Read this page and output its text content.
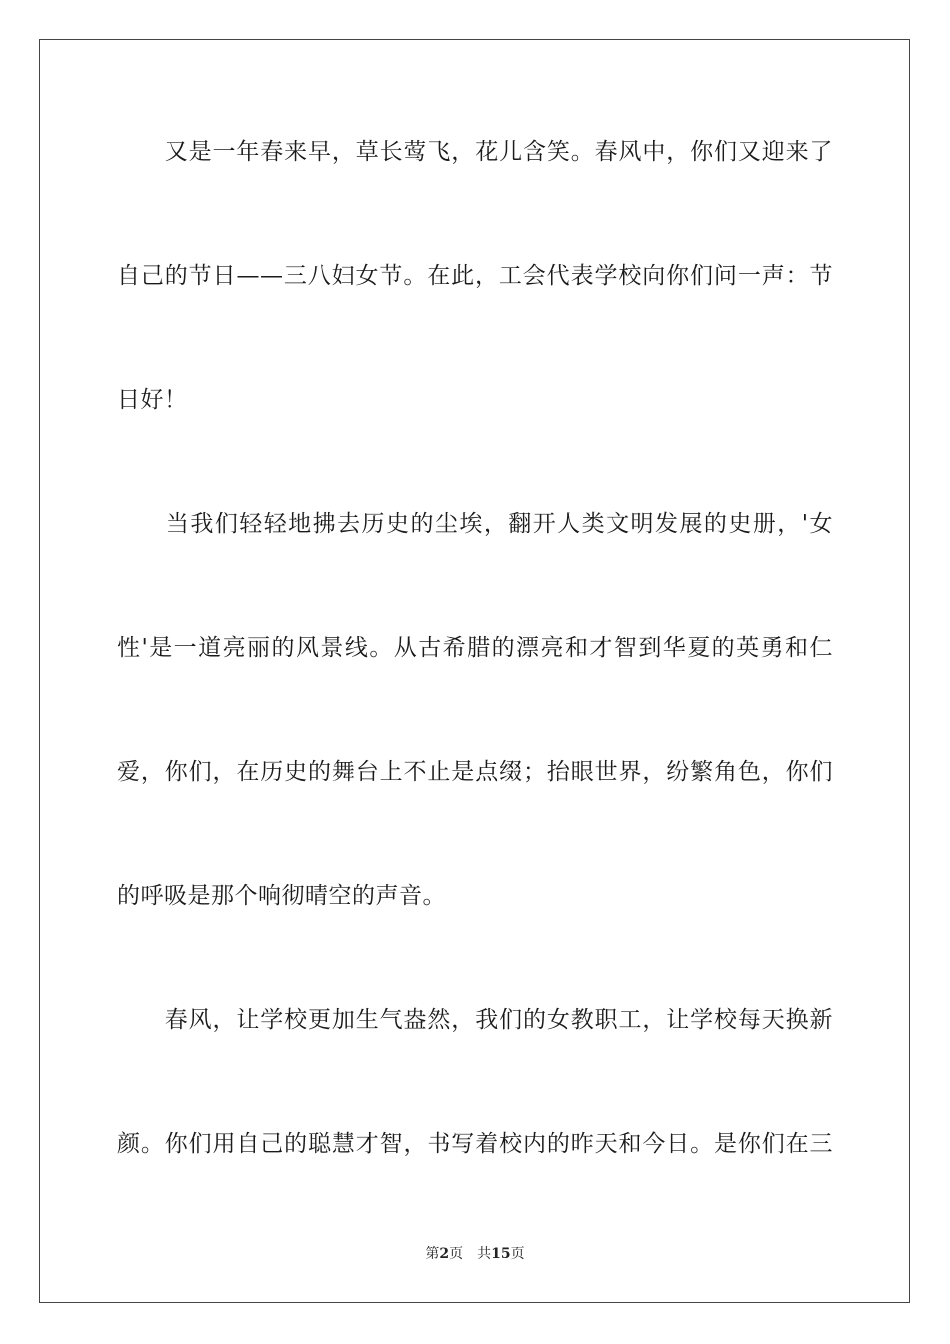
　　又是一年春来早，草长莺飞，花儿含笑。春风中，你们又迎来了
自己的节日——三八妇女节。在此，工会代表学校向你们问一声：节
日好！
　　当我们轻轻地拂去历史的尘埃，翻开人类文明发展的史册，'女
性'是一道亮丽的风景线。从古希腊的漂亮和才智到华夏的英勇和仁
爱，你们，在历史的舞台上不止是点缀；抬眼世界，纷繁角色，你们
的呼吸是那个响彻晴空的声音。
　　春风，让学校更加生气盎然，我们的女教职工，让学校每天换新
颜。你们用自己的聪慧才智，书写着校内的昨天和今日。是你们在三
第2页 共15页
